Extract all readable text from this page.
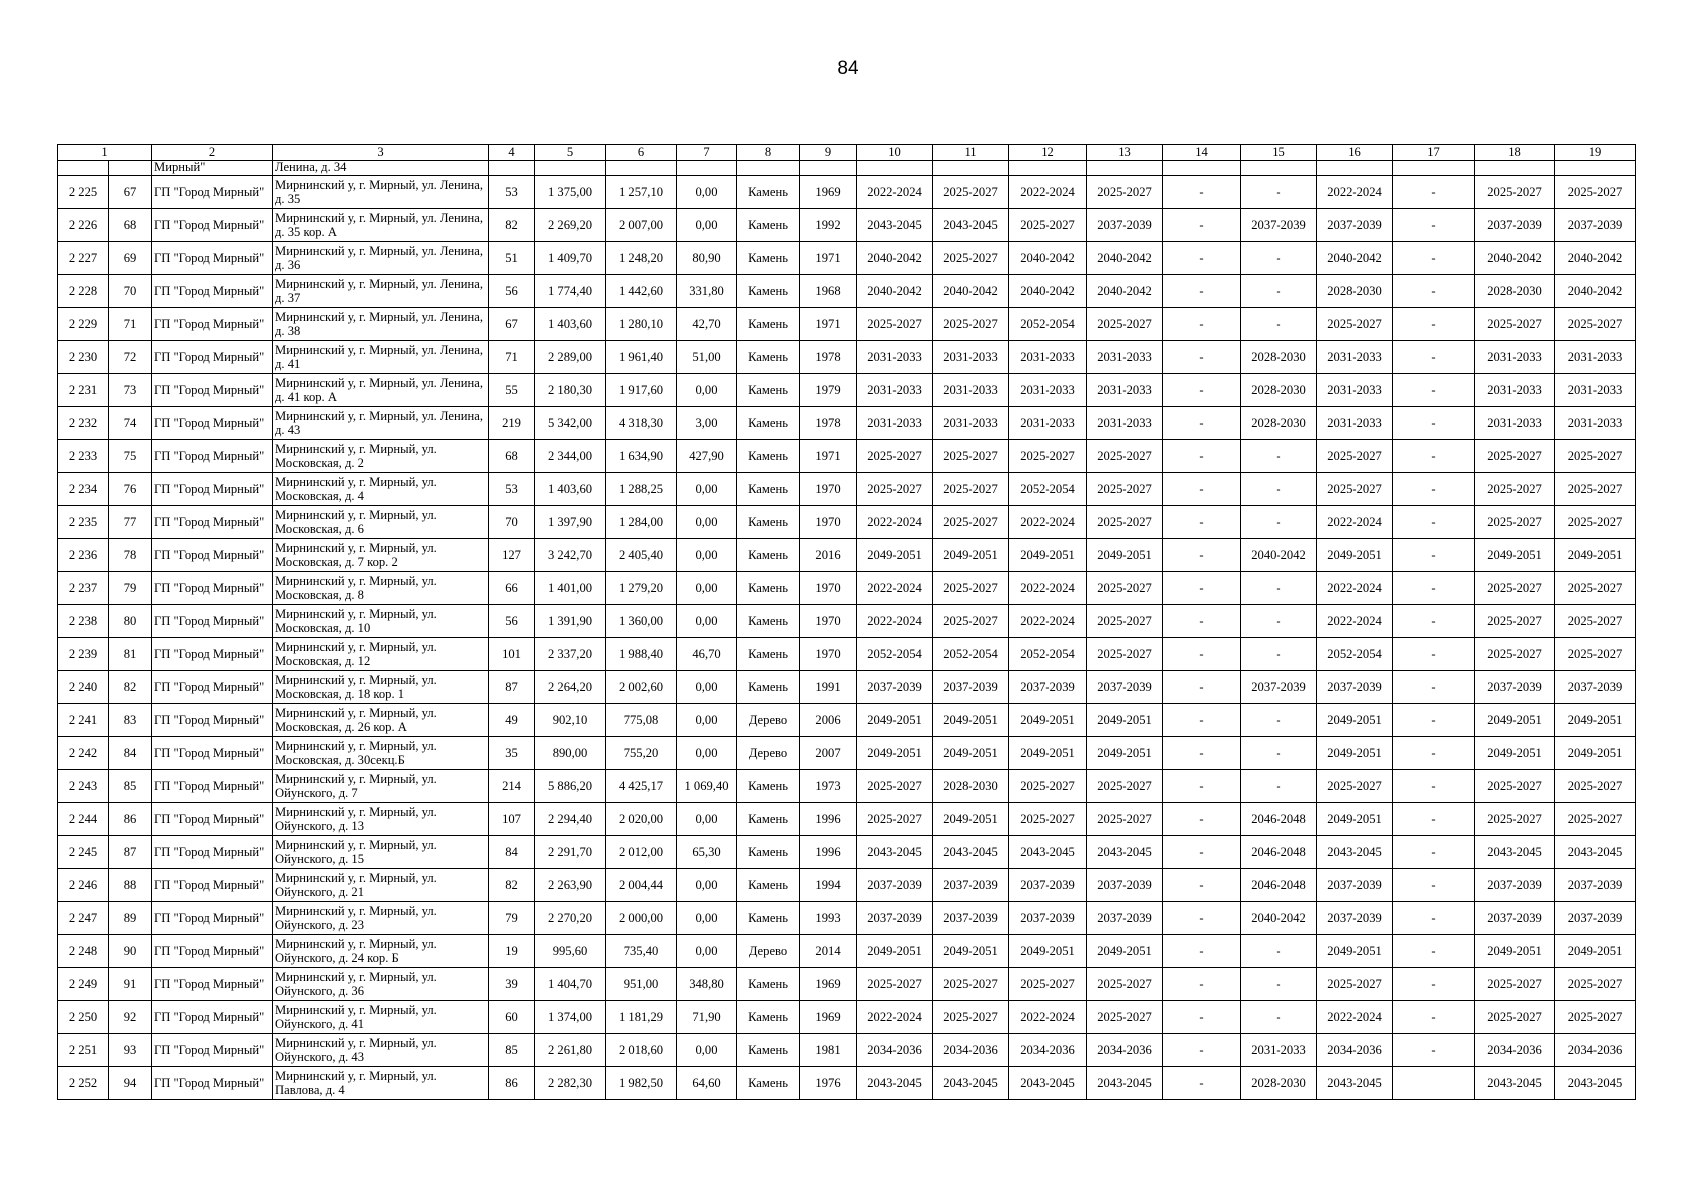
84
1		2	3	4	5	6	7	8	9	10	11	12	13	14	15	16	17	18	19
		Мирный"	Ленина, д. 34																
2 225	67	ГП "Город Мирный"	Мирнинский у, г. Мирный, ул. Ленина, д. 35	53	1 375,00	1 257,10	0,00	Камень	1969	2022-2024	2025-2027	2022-2024	2025-2027	-	-	2022-2024	-	2025-2027	2025-2027
2 226	68	ГП "Город Мирный"	Мирнинский у, г. Мирный, ул. Ленина, д. 35 кор. А	82	2 269,20	2 007,00	0,00	Камень	1992	2043-2045	2043-2045	2025-2027	2037-2039	-	2037-2039	2037-2039	-	2037-2039	2037-2039
2 227	69	ГП "Город Мирный"	Мирнинский у, г. Мирный, ул. Ленина, д. 36	51	1 409,70	1 248,20	80,90	Камень	1971	2040-2042	2025-2027	2040-2042	2040-2042	-	-	2040-2042	-	2040-2042	2040-2042
2 228	70	ГП "Город Мирный"	Мирнинский у, г. Мирный, ул. Ленина, д. 37	56	1 774,40	1 442,60	331,80	Камень	1968	2040-2042	2040-2042	2040-2042	2040-2042	-	-	2028-2030	-	2028-2030	2040-2042
2 229	71	ГП "Город Мирный"	Мирнинский у, г. Мирный, ул. Ленина, д. 38	67	1 403,60	1 280,10	42,70	Камень	1971	2025-2027	2025-2027	2052-2054	2025-2027	-	-	2025-2027	-	2025-2027	2025-2027
2 230	72	ГП "Город Мирный"	Мирнинский у, г. Мирный, ул. Ленина, д. 41	71	2 289,00	1 961,40	51,00	Камень	1978	2031-2033	2031-2033	2031-2033	2031-2033	-	2028-2030	2031-2033	-	2031-2033	2031-2033
2 231	73	ГП "Город Мирный"	Мирнинский у, г. Мирный, ул. Ленина, д. 41 кор. А	55	2 180,30	1 917,60	0,00	Камень	1979	2031-2033	2031-2033	2031-2033	2031-2033	-	2028-2030	2031-2033	-	2031-2033	2031-2033
2 232	74	ГП "Город Мирный"	Мирнинский у, г. Мирный, ул. Ленина, д. 43	219	5 342,00	4 318,30	3,00	Камень	1978	2031-2033	2031-2033	2031-2033	2031-2033	-	2028-2030	2031-2033	-	2031-2033	2031-2033
2 233	75	ГП "Город Мирный"	Мирнинский у, г. Мирный, ул. Московская, д. 2	68	2 344,00	1 634,90	427,90	Камень	1971	2025-2027	2025-2027	2025-2027	2025-2027	-	-	2025-2027	-	2025-2027	2025-2027
2 234	76	ГП "Город Мирный"	Мирнинский у, г. Мирный, ул. Московская, д. 4	53	1 403,60	1 288,25	0,00	Камень	1970	2025-2027	2025-2027	2052-2054	2025-2027	-	-	2025-2027	-	2025-2027	2025-2027
2 235	77	ГП "Город Мирный"	Мирнинский у, г. Мирный, ул. Московская, д. 6	70	1 397,90	1 284,00	0,00	Камень	1970	2022-2024	2025-2027	2022-2024	2025-2027	-	-	2022-2024	-	2025-2027	2025-2027
2 236	78	ГП "Город Мирный"	Мирнинский у, г. Мирный, ул. Московская, д. 7 кор. 2	127	3 242,70	2 405,40	0,00	Камень	2016	2049-2051	2049-2051	2049-2051	2049-2051	-	2040-2042	2049-2051	-	2049-2051	2049-2051
2 237	79	ГП "Город Мирный"	Мирнинский у, г. Мирный, ул. Московская, д. 8	66	1 401,00	1 279,20	0,00	Камень	1970	2022-2024	2025-2027	2022-2024	2025-2027	-	-	2022-2024	-	2025-2027	2025-2027
2 238	80	ГП "Город Мирный"	Мирнинский у, г. Мирный, ул. Московская, д. 10	56	1 391,90	1 360,00	0,00	Камень	1970	2022-2024	2025-2027	2022-2024	2025-2027	-	-	2022-2024	-	2025-2027	2025-2027
2 239	81	ГП "Город Мирный"	Мирнинский у, г. Мирный, ул. Московская, д. 12	101	2 337,20	1 988,40	46,70	Камень	1970	2052-2054	2052-2054	2052-2054	2025-2027	-	-	2052-2054	-	2025-2027	2025-2027
2 240	82	ГП "Город Мирный"	Мирнинский у, г. Мирный, ул. Московская, д. 18 кор. 1	87	2 264,20	2 002,60	0,00	Камень	1991	2037-2039	2037-2039	2037-2039	2037-2039	-	2037-2039	2037-2039	-	2037-2039	2037-2039
2 241	83	ГП "Город Мирный"	Мирнинский у, г. Мирный, ул. Московская, д. 26 кор. А	49	902,10	775,08	0,00	Дерево	2006	2049-2051	2049-2051	2049-2051	2049-2051	-	-	2049-2051	-	2049-2051	2049-2051
2 242	84	ГП "Город Мирный"	Мирнинский у, г. Мирный, ул. Московская, д. 30секц.Б	35	890,00	755,20	0,00	Дерево	2007	2049-2051	2049-2051	2049-2051	2049-2051	-	-	2049-2051	-	2049-2051	2049-2051
2 243	85	ГП "Город Мирный"	Мирнинский у, г. Мирный, ул. Ойунского, д. 7	214	5 886,20	4 425,17	1 069,40	Камень	1973	2025-2027	2028-2030	2025-2027	2025-2027	-	-	2025-2027	-	2025-2027	2025-2027
2 244	86	ГП "Город Мирный"	Мирнинский у, г. Мирный, ул. Ойунского, д. 13	107	2 294,40	2 020,00	0,00	Камень	1996	2025-2027	2049-2051	2025-2027	2025-2027	-	2046-2048	2049-2051	-	2025-2027	2025-2027
2 245	87	ГП "Город Мирный"	Мирнинский у, г. Мирный, ул. Ойунского, д. 15	84	2 291,70	2 012,00	65,30	Камень	1996	2043-2045	2043-2045	2043-2045	2043-2045	-	2046-2048	2043-2045	-	2043-2045	2043-2045
2 246	88	ГП "Город Мирный"	Мирнинский у, г. Мирный, ул. Ойунского, д. 21	82	2 263,90	2 004,44	0,00	Камень	1994	2037-2039	2037-2039	2037-2039	2037-2039	-	2046-2048	2037-2039	-	2037-2039	2037-2039
2 247	89	ГП "Город Мирный"	Мирнинский у, г. Мирный, ул. Ойунского, д. 23	79	2 270,20	2 000,00	0,00	Камень	1993	2037-2039	2037-2039	2037-2039	2037-2039	-	2040-2042	2037-2039	-	2037-2039	2037-2039
2 248	90	ГП "Город Мирный"	Мирнинский у, г. Мирный, ул. Ойунского, д. 24 кор. Б	19	995,60	735,40	0,00	Дерево	2014	2049-2051	2049-2051	2049-2051	2049-2051	-	-	2049-2051	-	2049-2051	2049-2051
2 249	91	ГП "Город Мирный"	Мирнинский у, г. Мирный, ул. Ойунского, д. 36	39	1 404,70	951,00	348,80	Камень	1969	2025-2027	2025-2027	2025-2027	2025-2027	-	-	2025-2027	-	2025-2027	2025-2027
2 250	92	ГП "Город Мирный"	Мирнинский у, г. Мирный, ул. Ойунского, д. 41	60	1 374,00	1 181,29	71,90	Камень	1969	2022-2024	2025-2027	2022-2024	2025-2027	-	-	2022-2024	-	2025-2027	2025-2027
2 251	93	ГП "Город Мирный"	Мирнинский у, г. Мирный, ул. Ойунского, д. 43	85	2 261,80	2 018,60	0,00	Камень	1981	2034-2036	2034-2036	2034-2036	2034-2036	-	2031-2033	2034-2036	-	2034-2036	2034-2036
2 252	94	ГП "Город Мирный"	Мирнинский у, г. Мирный, ул. Павлова, д. 4	86	2 282,30	1 982,50	64,60	Камень	1976	2043-2045	2043-2045	2043-2045	2043-2045	-	2028-2030	2043-2045		2043-2045	2043-2045
